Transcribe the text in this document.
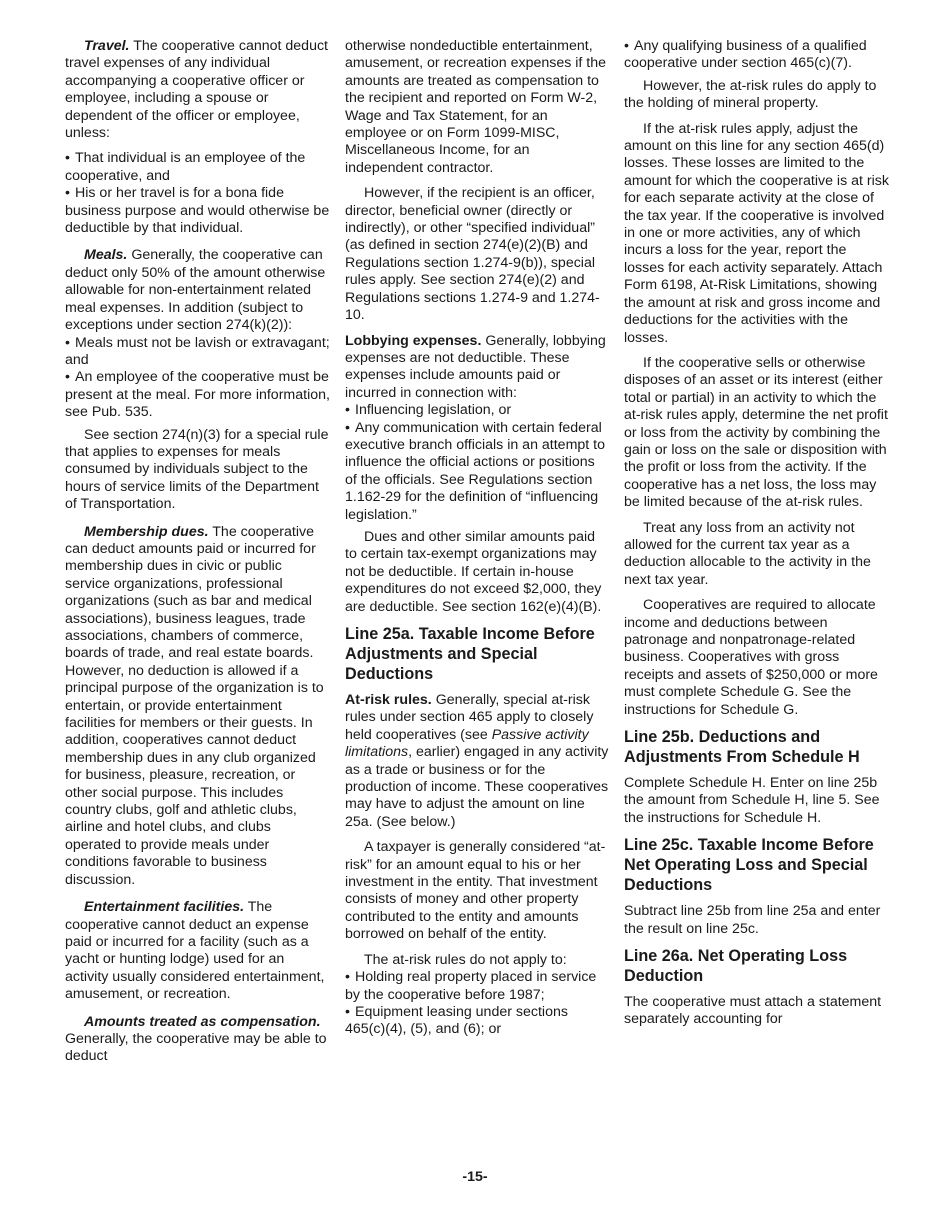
Travel. The cooperative cannot deduct travel expenses of any individual accompanying a cooperative officer or employee, including a spouse or dependent of the officer or employee, unless:

• That individual is an employee of the cooperative, and
• His or her travel is for a bona fide business purpose and would otherwise be deductible by that individual.

Meals. Generally, the cooperative can deduct only 50% of the amount otherwise allowable for non-entertainment related meal expenses. In addition (subject to exceptions under section 274(k)(2)):

• Meals must not be lavish or extravagant; and
• An employee of the cooperative must be present at the meal. For more information, see Pub. 535.

See section 274(n)(3) for a special rule that applies to expenses for meals consumed by individuals subject to the hours of service limits of the Department of Transportation.

Membership dues. The cooperative can deduct amounts paid or incurred for membership dues in civic or public service organizations, professional organizations (such as bar and medical associations), business leagues, trade associations, chambers of commerce, boards of trade, and real estate boards. However, no deduction is allowed if a principal purpose of the organization is to entertain, or provide entertainment facilities for members or their guests. In addition, cooperatives cannot deduct membership dues in any club organized for business, pleasure, recreation, or other social purpose. This includes country clubs, golf and athletic clubs, airline and hotel clubs, and clubs operated to provide meals under conditions favorable to business discussion.

Entertainment facilities. The cooperative cannot deduct an expense paid or incurred for a facility (such as a yacht or hunting lodge) used for an activity usually considered entertainment, amusement, or recreation.

Amounts treated as compensation. Generally, the cooperative may be able to deduct

otherwise nondeductible entertainment, amusement, or recreation expenses if the amounts are treated as compensation to the recipient and reported on Form W-2, Wage and Tax Statement, for an employee or on Form 1099-MISC, Miscellaneous Income, for an independent contractor.

However, if the recipient is an officer, director, beneficial owner (directly or indirectly), or other “specified individual” (as defined in section 274(e)(2)(B) and Regulations section 1.274-9(b)), special rules apply. See section 274(e)(2) and Regulations sections 1.274-9 and 1.274-10.

Lobbying expenses. Generally, lobbying expenses are not deductible. These expenses include amounts paid or incurred in connection with:

• Influencing legislation, or
• Any communication with certain federal executive branch officials in an attempt to influence the official actions or positions of the officials. See Regulations section 1.162-29 for the definition of “influencing legislation.”

Dues and other similar amounts paid to certain tax-exempt organizations may not be deductible. If certain in-house expenditures do not exceed $2,000, they are deductible. See section 162(e)(4)(B).

Line 25a. Taxable Income Before Adjustments and Special Deductions

At-risk rules. Generally, special at-risk rules under section 465 apply to closely held cooperatives (see Passive activity limitations, earlier) engaged in any activity as a trade or business or for the production of income. These cooperatives may have to adjust the amount on line 25a. (See below.)

A taxpayer is generally considered “at-risk” for an amount equal to his or her investment in the entity. That investment consists of money and other property contributed to the entity and amounts borrowed on behalf of the entity.

The at-risk rules do not apply to:

• Holding real property placed in service by the cooperative before 1987;
• Equipment leasing under sections 465(c)(4), (5), and (6); or
• Any qualifying business of a qualified cooperative under section 465(c)(7).

However, the at-risk rules do apply to the holding of mineral property.

If the at-risk rules apply, adjust the amount on this line for any section 465(d) losses. These losses are limited to the amount for which the cooperative is at risk for each separate activity at the close of the tax year. If the cooperative is involved in one or more activities, any of which incurs a loss for the year, report the losses for each activity separately. Attach Form 6198, At-Risk Limitations, showing the amount at risk and gross income and deductions for the activities with the losses.

If the cooperative sells or otherwise disposes of an asset or its interest (either total or partial) in an activity to which the at-risk rules apply, determine the net profit or loss from the activity by combining the gain or loss on the sale or disposition with the profit or loss from the activity. If the cooperative has a net loss, the loss may be limited because of the at-risk rules.

Treat any loss from an activity not allowed for the current tax year as a deduction allocable to the activity in the next tax year.

Cooperatives are required to allocate income and deductions between patronage and nonpatronage-related business. Cooperatives with gross receipts and assets of $250,000 or more must complete Schedule G. See the instructions for Schedule G.

Line 25b. Deductions and Adjustments From Schedule H

Complete Schedule H. Enter on line 25b the amount from Schedule H, line 5. See the instructions for Schedule H.

Line 25c. Taxable Income Before Net Operating Loss and Special Deductions

Subtract line 25b from line 25a and enter the result on line 25c.

Line 26a. Net Operating Loss Deduction

The cooperative must attach a statement separately accounting for

-15-
